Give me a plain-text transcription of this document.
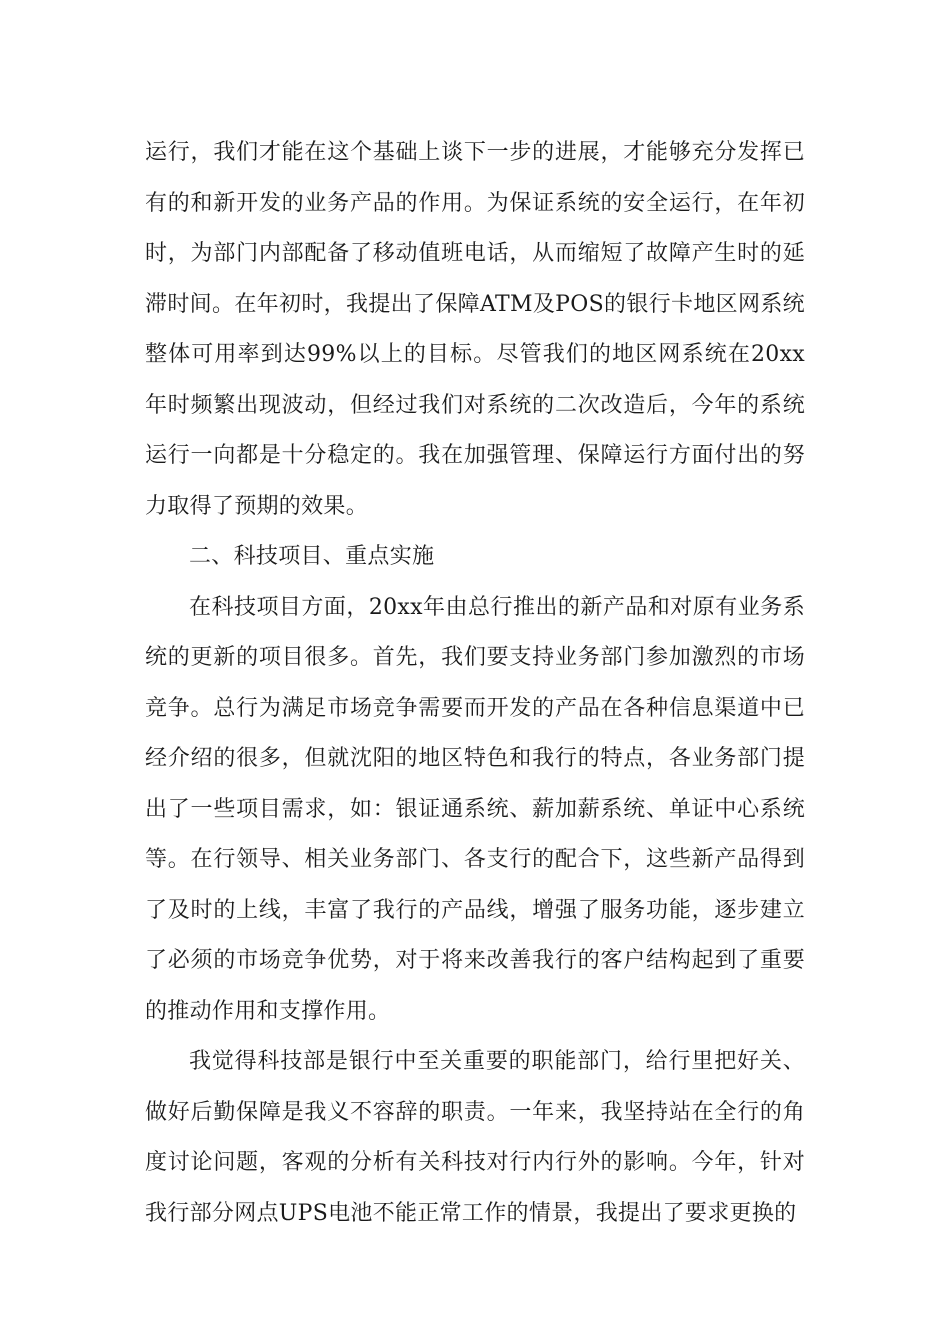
运行，我们才能在这个基础上谈下一步的进展，才能够充分发挥已有的和新开发的业务产品的作用。为保证系统的安全运行，在年初时，为部门内部配备了移动值班电话，从而缩短了故障产生时的延滞时间。在年初时，我提出了保障ATM及POS的银行卡地区网系统整体可用率到达99%以上的目标。尽管我们的地区网系统在20xx年时频繁出现波动，但经过我们对系统的二次改造后，今年的系统运行一向都是十分稳定的。我在加强管理、保障运行方面付出的努力取得了预期的效果。

二、科技项目、重点实施

在科技项目方面，20xx年由总行推出的新产品和对原有业务系统的更新的项目很多。首先，我们要支持业务部门参加激烈的市场竞争。总行为满足市场竞争需要而开发的产品在各种信息渠道中已经介绍的很多，但就沈阳的地区特色和我行的特点，各业务部门提出了一些项目需求，如：银证通系统、薪加薪系统、单证中心系统等。在行领导、相关业务部门、各支行的配合下，这些新产品得到了及时的上线，丰富了我行的产品线，增强了服务功能，逐步建立了必须的市场竞争优势，对于将来改善我行的客户结构起到了重要的推动作用和支撑作用。

我觉得科技部是银行中至关重要的职能部门，给行里把好关、做好后勤保障是我义不容辞的职责。一年来，我坚持站在全行的角度讨论问题，客观的分析有关科技对行内行外的影响。今年，针对我行部分网点UPS电池不能正常工作的情景，我提出了要求更换的
